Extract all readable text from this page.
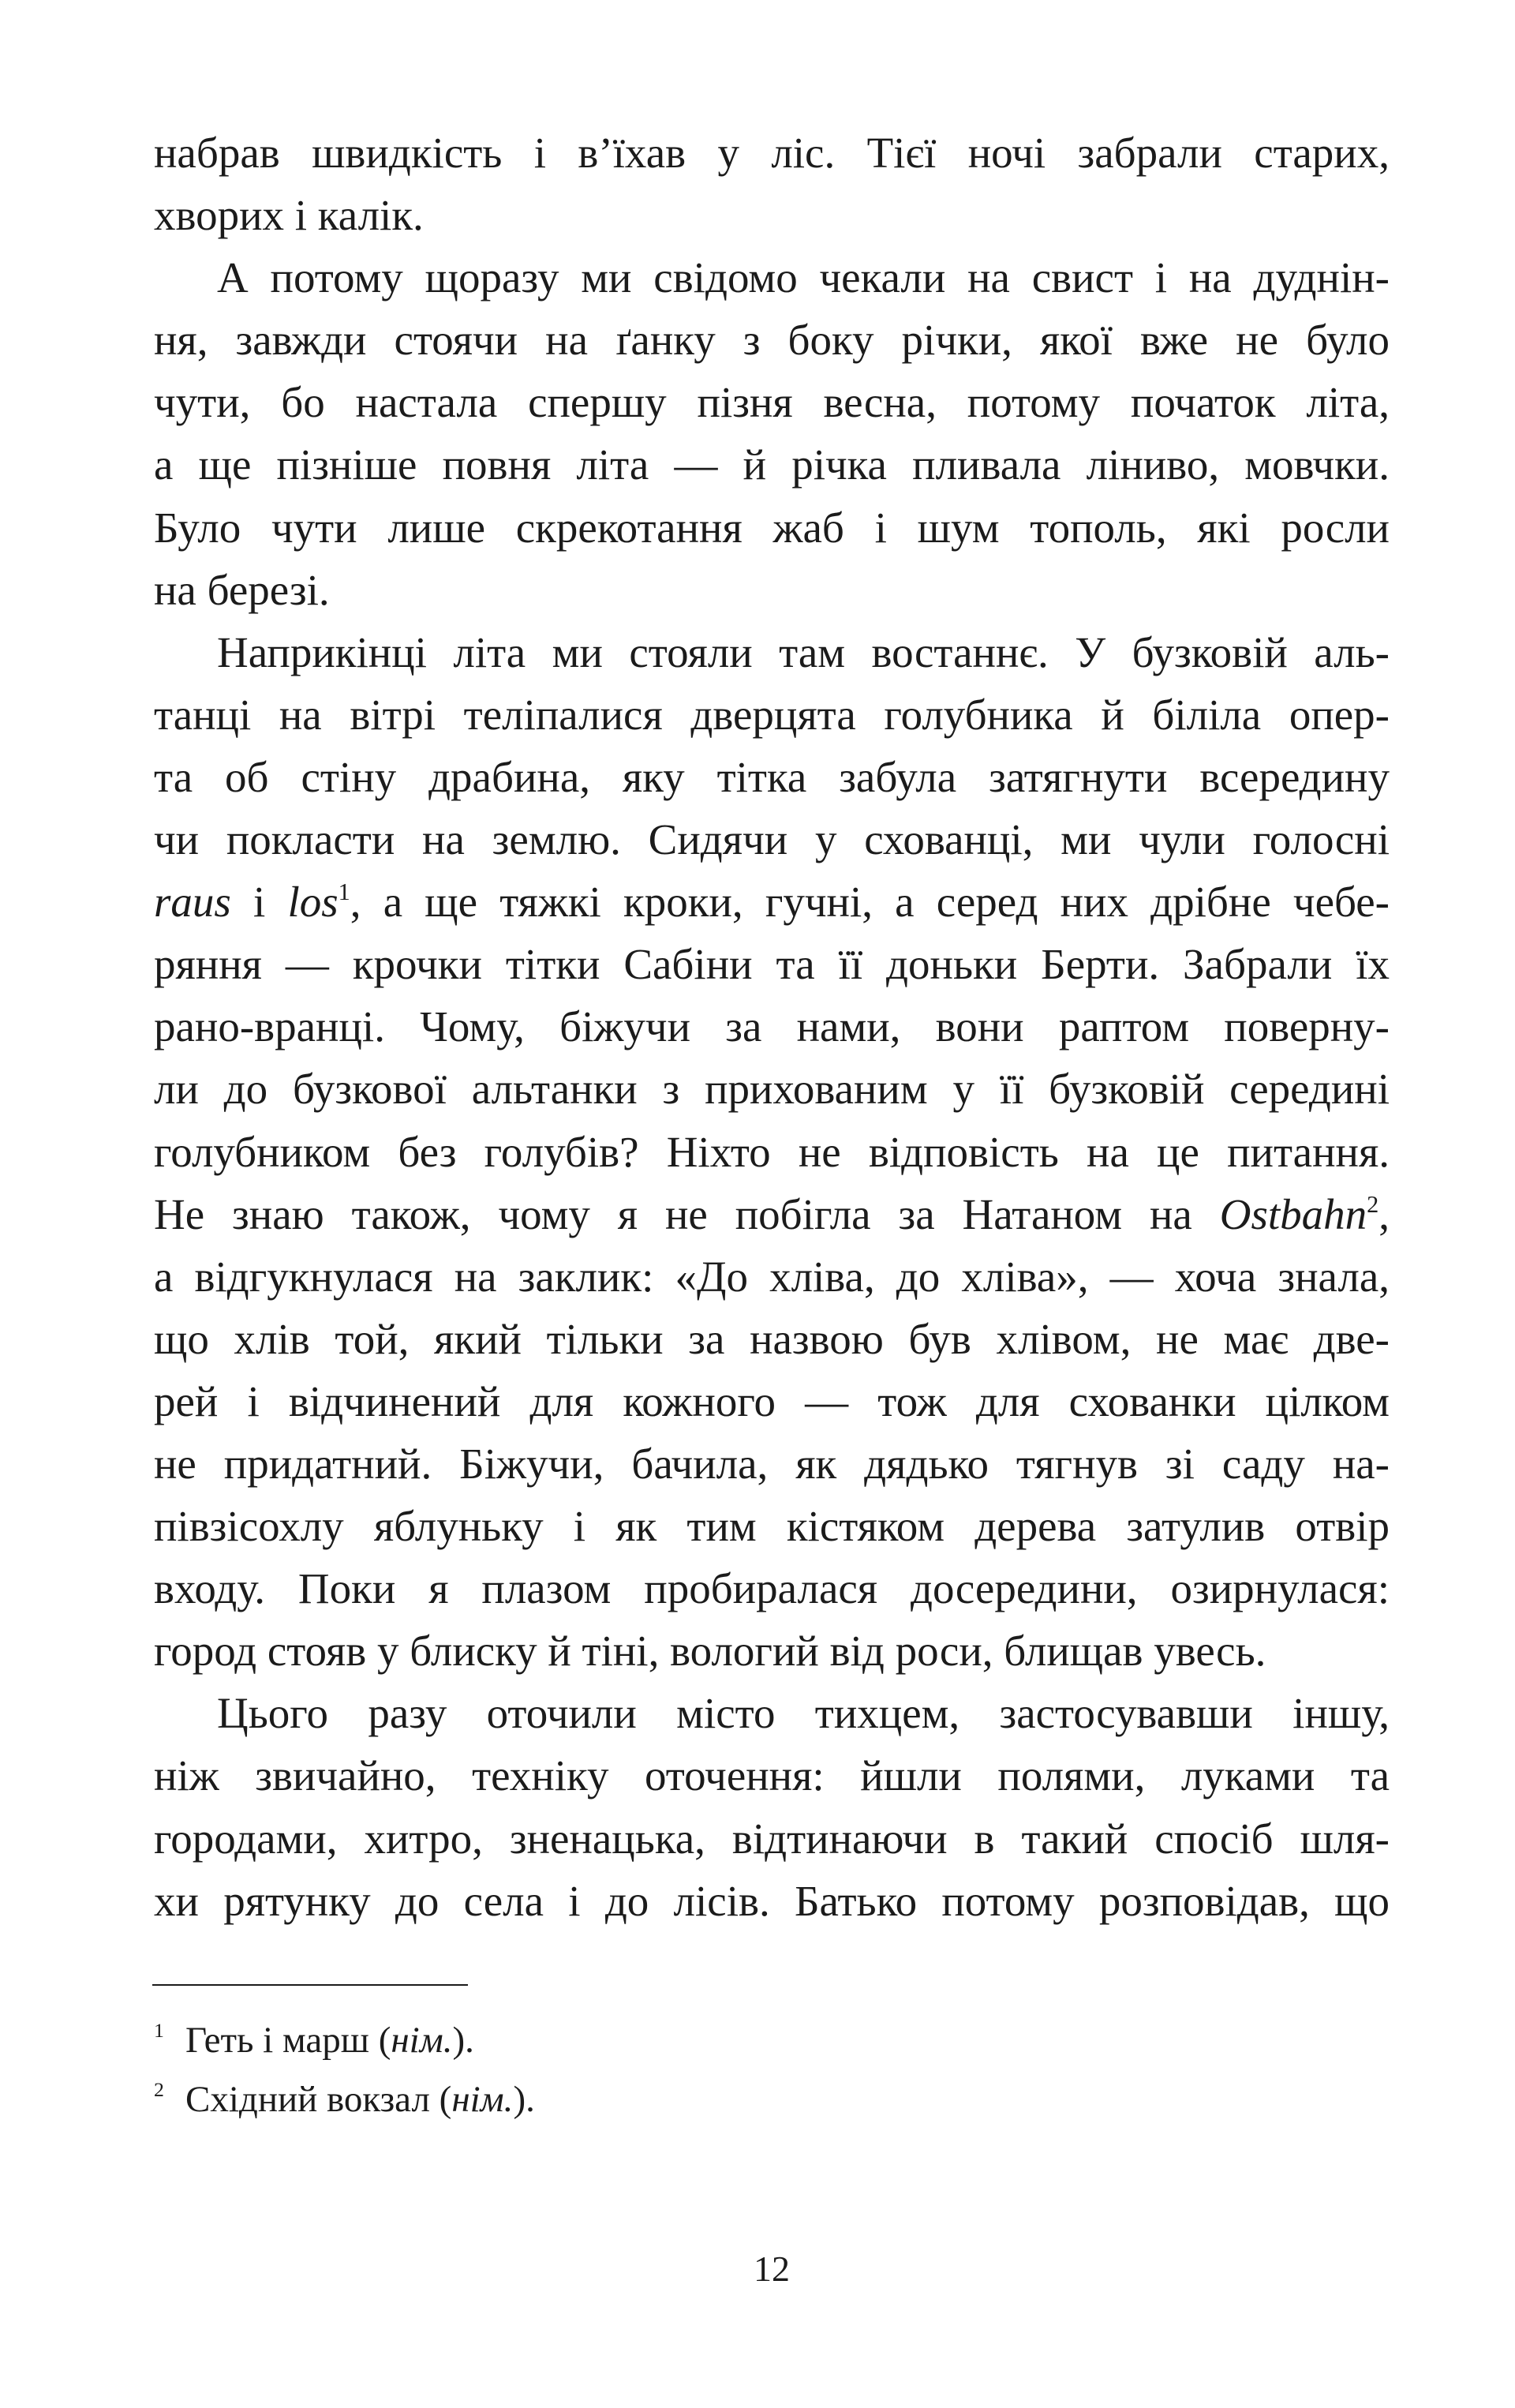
набрав швидкість і в’їхав у ліс. Тієї ночі забрали старих,
хворих і калік.
А потому щоразу ми свідомо чекали на свист і на дуднін-
ня, завжди стоячи на ґанку з боку річки, якої вже не було
чути, бо настала спершу пізня весна, потому початок літа,
а ще пізніше повня літа — й річка пливала ліниво, мовчки.
Було чути лише скрекотання жаб і шум тополь, які росли
на березі.
Наприкінці літа ми стояли там востаннє. У бузковій аль-
танці на вітрі теліпалися дверцята голубника й біліла опер-
та об стіну драбина, яку тітка забула затягнути всередину
чи покласти на землю. Сидячи у схованці, ми чули голосні
raus і los$^1$, а ще тяжкі кроки, гучні, а серед них дрібне чебе-
ряння — крочки тітки Сабіни та її доньки Берти. Забрали їх
рано-вранці. Чому, біжучи за нами, вони раптом поверну-
ли до бузкової альтанки з прихованим у її бузковій середині
голубником без голубів? Ніхто не відповість на це питання.
Не знаю також, чому я не побігла за Натаном на Ostbahn$^2$,
а відгукнулася на заклик: «До хліва, до хліва», — хоча знала,
що хлів той, який тільки за назвою був хлівом, не має две-
рей і відчинений для кожного — тож для схованки цілком
не придатний. Біжучи, бачила, як дядько тягнув зі саду на-
півзісохлу яблуньку і як тим кістяком дерева затулив отвір
входу. Поки я плазом пробиралася досередини, озирнулася:
город стояв у блиску й тіні, вологий від роси, блищав увесь.
Цього разу оточили місто тихцем, застосувавши іншу,
ніж звичайно, техніку оточення: йшли полями, луками та
городами, хитро, зненацька, відтинаючи в такий спосіб шля-
хи рятунку до села і до лісів. Батько потому розповідав, що
1 Геть і марш (нім.).
2 Східний вокзал (нім.).
12
